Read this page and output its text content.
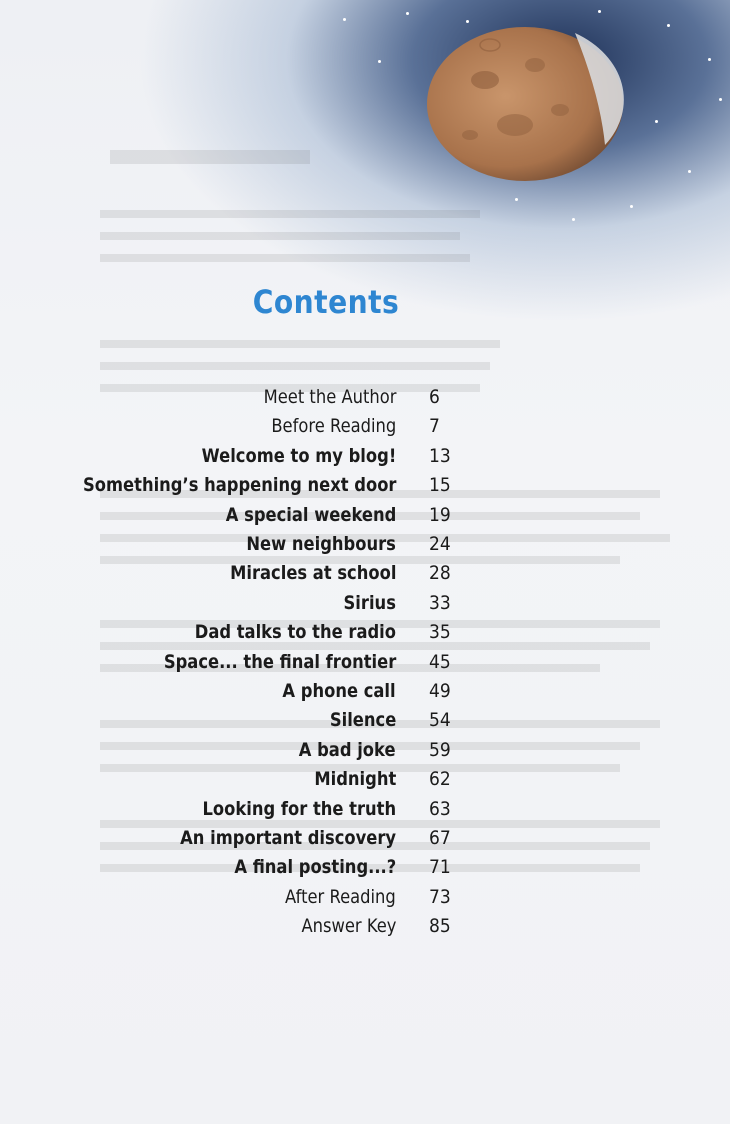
Contents
Meet the Author 6
Before Reading 7
Welcome to my blog! 13
Something’s happening next door 15
A special weekend 19
New neighbours 24
Miracles at school 28
Sirius 33
Dad talks to the radio 35
Space... the final frontier 45
A phone call 49
Silence 54
A bad joke 59
Midnight 62
Looking for the truth 63
An important discovery 67
A final posting...? 71
After Reading 73
Answer Key 85
